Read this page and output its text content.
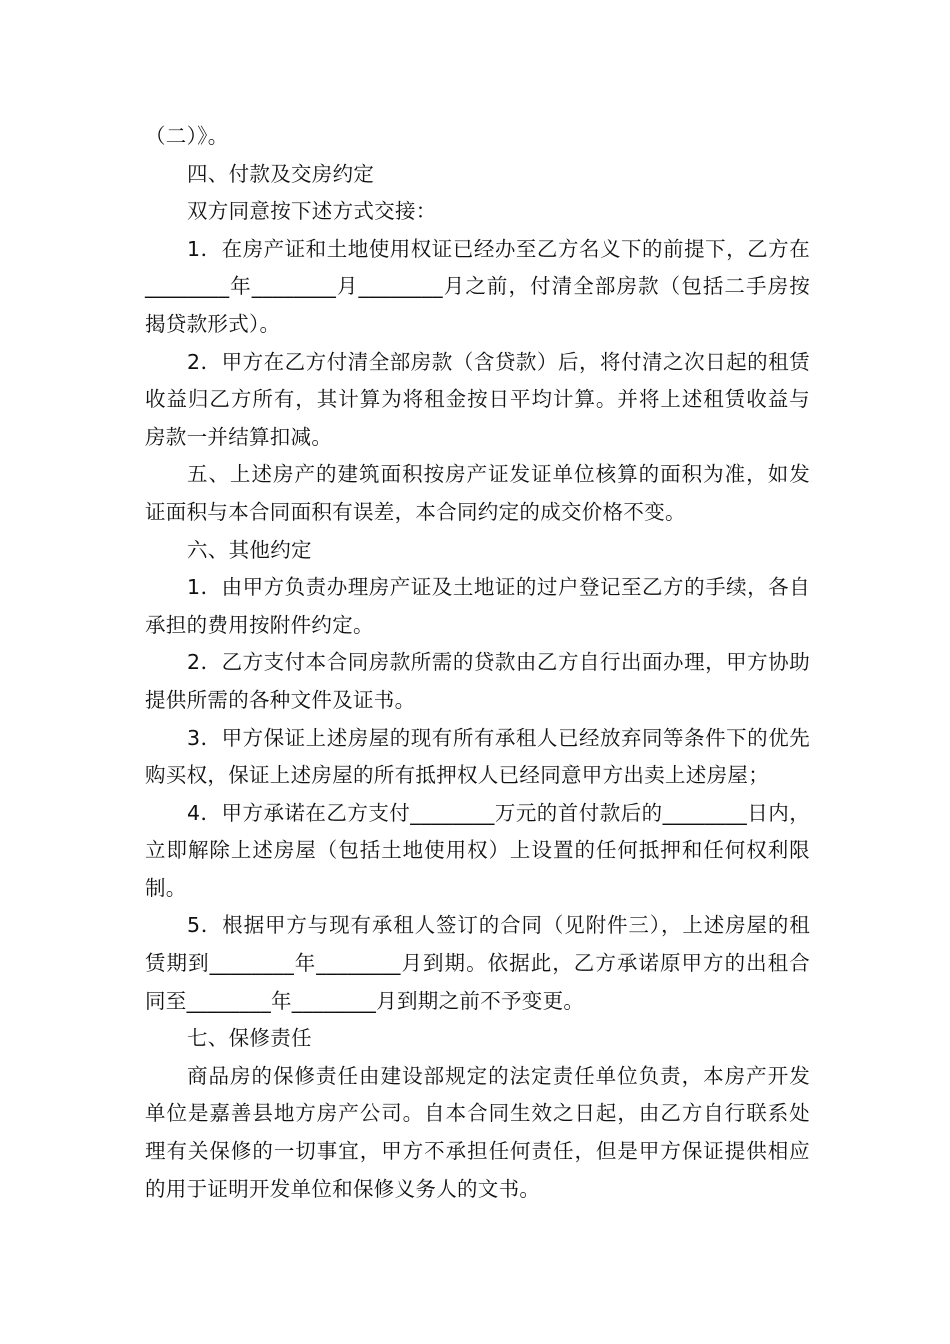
（二）》。

四、付款及交房约定

双方同意按下述方式交接：

1．在房产证和土地使用权证已经办至乙方名义下的前提下，乙方在________年________月________月之前，付清全部房款（包括二手房按揭贷款形式）。

2．甲方在乙方付清全部房款（含贷款）后，将付清之次日起的租赁收益归乙方所有，其计算为将租金按日平均计算。并将上述租赁收益与房款一并结算扣减。

五、上述房产的建筑面积按房产证发证单位核算的面积为准，如发证面积与本合同面积有误差，本合同约定的成交价格不变。

六、其他约定

1．由甲方负责办理房产证及土地证的过户登记至乙方的手续，各自承担的费用按附件约定。

2．乙方支付本合同房款所需的贷款由乙方自行出面办理，甲方协助提供所需的各种文件及证书。

3．甲方保证上述房屋的现有所有承租人已经放弃同等条件下的优先购买权，保证上述房屋的所有抵押权人已经同意甲方出卖上述房屋；

4．甲方承诺在乙方支付________万元的首付款后的________日内，立即解除上述房屋（包括土地使用权）上设置的任何抵押和任何权利限制。

5．根据甲方与现有承租人签订的合同（见附件三），上述房屋的租赁期到________年________月到期。依据此，乙方承诺原甲方的出租合同至________年________月到期之前不予变更。

七、保修责任

商品房的保修责任由建设部规定的法定责任单位负责，本房产开发单位是嘉善县地方房产公司。自本合同生效之日起，由乙方自行联系处理有关保修的一切事宜，甲方不承担任何责任，但是甲方保证提供相应的用于证明开发单位和保修义务人的文书。
